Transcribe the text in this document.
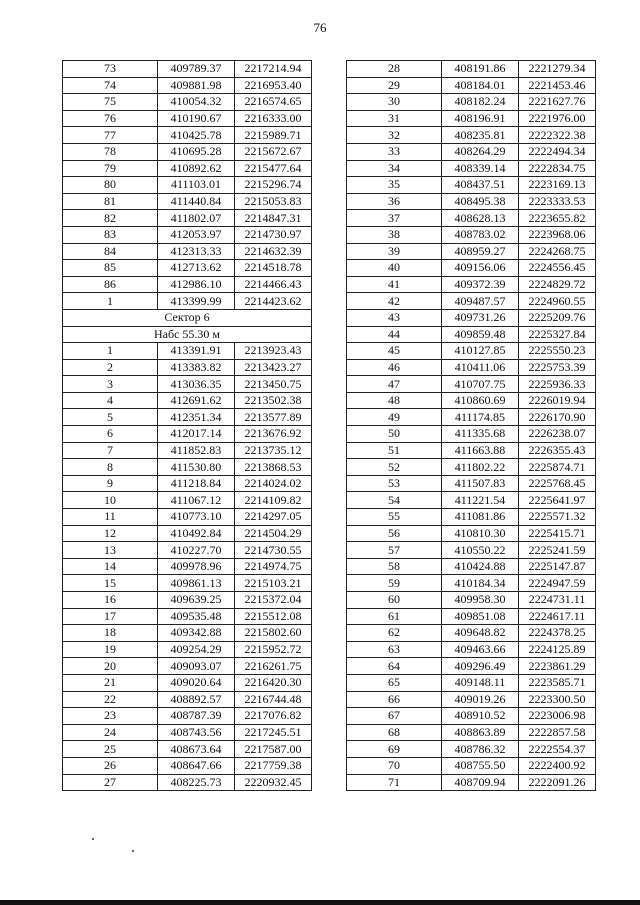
76
73	409789.37	2217214.94
74	409881.98	2216953.40
75	410054.32	2216574.65
76	410190.67	2216333.00
77	410425.78	2215989.71
78	410695.28	2215672.67
79	410892.62	2215477.64
80	411103.01	2215296.74
81	411440.84	2215053.83
82	411802.07	2214847.31
83	412053.97	2214730.97
84	412313.33	2214632.39
85	412713.62	2214518.78
86	412986.10	2214466.43
1	413399.99	2214423.62
Сектор 6		
Набс 55.30 м		
1	413391.91	2213923.43
2	413383.82	2213423.27
3	413036.35	2213450.75
4	412691.62	2213502.38
5	412351.34	2213577.89
6	412017.14	2213676.92
7	411852.83	2213735.12
8	411530.80	2213868.53
9	411218.84	2214024.02
10	411067.12	2214109.82
11	410773.10	2214297.05
12	410492.84	2214504.29
13	410227.70	2214730.55
14	409978.96	2214974.75
15	409861.13	2215103.21
16	409639.25	2215372.04
17	409535.48	2215512.08
18	409342.88	2215802.60
19	409254.29	2215952.72
20	409093.07	2216261.75
21	409020.64	2216420.30
22	408892.57	2216744.48
23	408787.39	2217076.82
24	408743.56	2217245.51
25	408673.64	2217587.00
26	408647.66	2217759.38
27	408225.73	2220932.45
28	408191.86	2221279.34
29	408184.01	2221453.46
30	408182.24	2221627.76
31	408196.91	2221976.00
32	408235.81	2222322.38
33	408264.29	2222494.34
34	408339.14	2222834.75
35	408437.51	2223169.13
36	408495.38	2223333.53
37	408628.13	2223655.82
38	408783.02	2223968.06
39	408959.27	2224268.75
40	409156.06	2224556.45
41	409372.39	2224829.72
42	409487.57	2224960.55
43	409731.26	2225209.76
44	409859.48	2225327.84
45	410127.85	2225550.23
46	410411.06	2225753.39
47	410707.75	2225936.33
48	410860.69	2226019.94
49	411174.85	2226170.90
50	411335.68	2226238.07
51	411663.88	2226355.43
52	411802.22	2225874.71
53	411507.83	2225768.45
54	411221.54	2225641.97
55	411081.86	2225571.32
56	410810.30	2225415.71
57	410550.22	2225241.59
58	410424.88	2225147.87
59	410184.34	2224947.59
60	409958.30	2224731.11
61	409851.08	2224617.11
62	409648.82	2224378.25
63	409463.66	2224125.89
64	409296.49	2223861.29
65	409148.11	2223585.71
66	409019.26	2223300.50
67	408910.52	2223006.98
68	408863.89	2222857.58
69	408786.32	2222554.37
70	408755.50	2222400.92
71	408709.94	2222091.26
